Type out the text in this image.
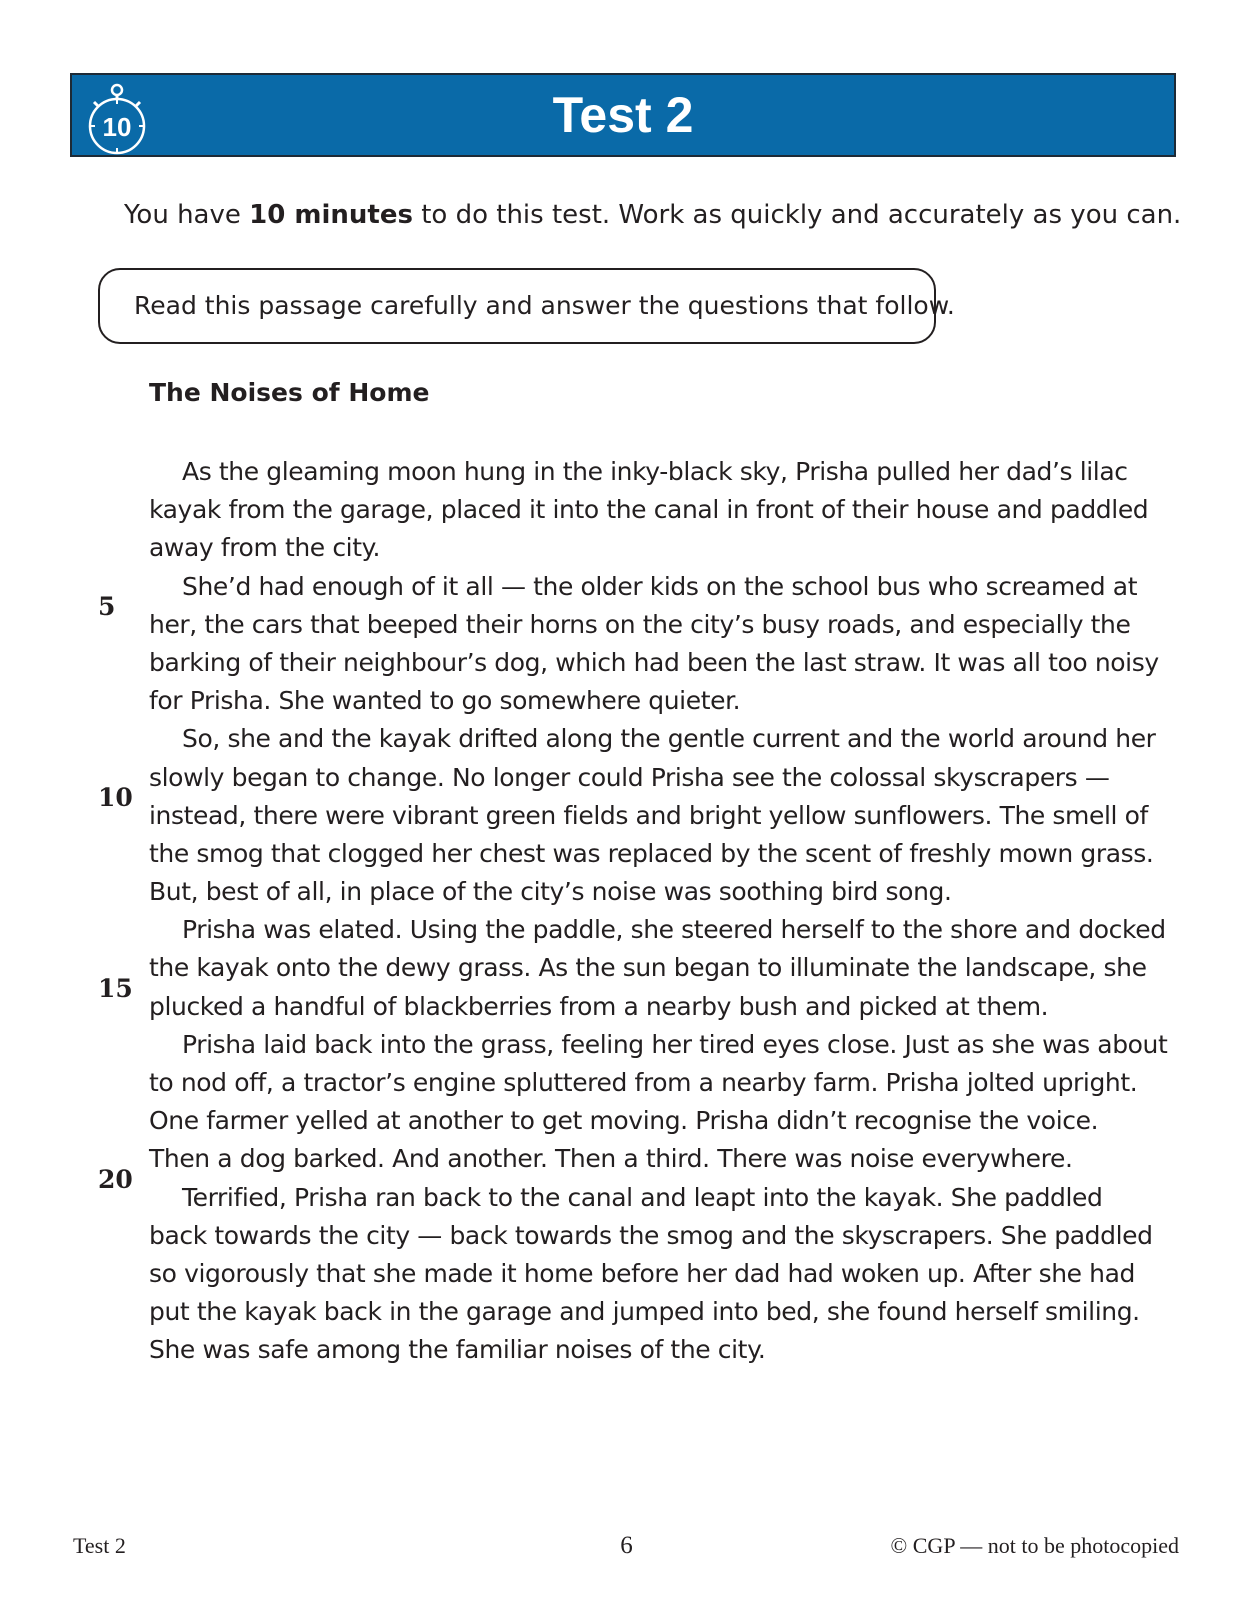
10	Test 2
You have 10 minutes to do this test. Work as quickly and accurately as you can.
Read this passage carefully and answer the questions that follow.
The Noises of Home
5
10
15
20
As the gleaming moon hung in the inky-black sky, Prisha pulled her dad’s lilac
kayak from the garage, placed it into the canal in front of their house and paddled
away from the city.
She’d had enough of it all — the older kids on the school bus who screamed at
her, the cars that beeped their horns on the city’s busy roads, and especially the
barking of their neighbour’s dog, which had been the last straw. It was all too noisy
for Prisha. She wanted to go somewhere quieter.
So, she and the kayak drifted along the gentle current and the world around her
slowly began to change. No longer could Prisha see the colossal skyscrapers —
instead, there were vibrant green fields and bright yellow sunflowers. The smell of
the smog that clogged her chest was replaced by the scent of freshly mown grass.
But, best of all, in place of the city’s noise was soothing bird song.
Prisha was elated. Using the paddle, she steered herself to the shore and docked
the kayak onto the dewy grass. As the sun began to illuminate the landscape, she
plucked a handful of blackberries from a nearby bush and picked at them.
Prisha laid back into the grass, feeling her tired eyes close. Just as she was about
to nod off, a tractor’s engine spluttered from a nearby farm. Prisha jolted upright.
One farmer yelled at another to get moving. Prisha didn’t recognise the voice.
Then a dog barked. And another. Then a third. There was noise everywhere.
Terrified, Prisha ran back to the canal and leapt into the kayak. She paddled
back towards the city — back towards the smog and the skyscrapers. She paddled
so vigorously that she made it home before her dad had woken up. After she had
put the kayak back in the garage and jumped into bed, she found herself smiling.
She was safe among the familiar noises of the city.
Test 2	6	© CGP — not to be photocopied
